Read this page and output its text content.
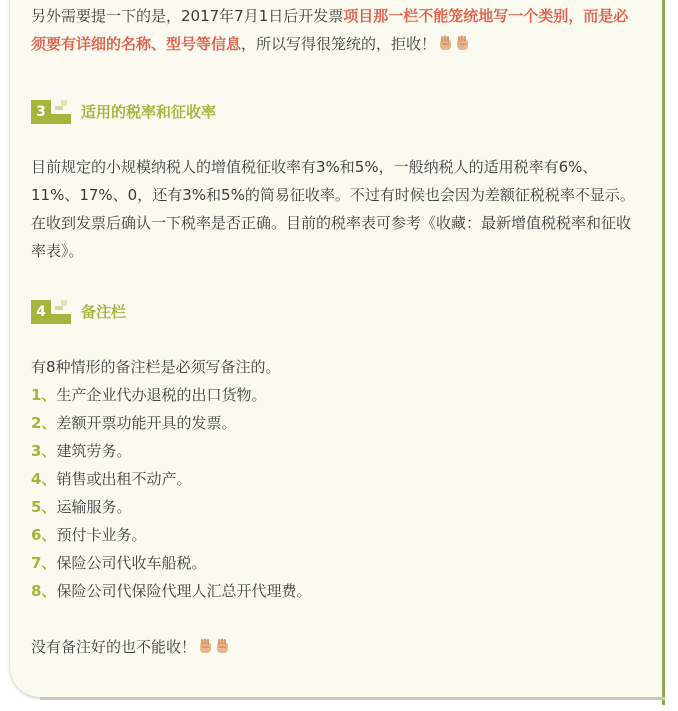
另外需要提一下的是，2017年7月1日后开发票项目那一栏不能笼统地写一个类别，而是必须要有详细的名称、型号等信息，所以写得很笼统的，拒收！
3	适用的税率和征收率
目前规定的小规模纳税人的增值税征收率有3%和5%，一般纳税人的适用税率有6%、11%、17%、0，还有3%和5%的简易征收率。不过有时候也会因为差额征税税率不显示。在收到发票后确认一下税率是否正确。目前的税率表可参考《收藏：最新增值税税率和征收率表》。
4	备注栏
有8种情形的备注栏是必须写备注的。
1、生产企业代办退税的出口货物。
2、差额开票功能开具的发票。
3、建筑劳务。
4、销售或出租不动产。
5、运输服务。
6、预付卡业务。
7、保险公司代收车船税。
8、保险公司代保险代理人汇总开代理费。
没有备注好的也不能收！
